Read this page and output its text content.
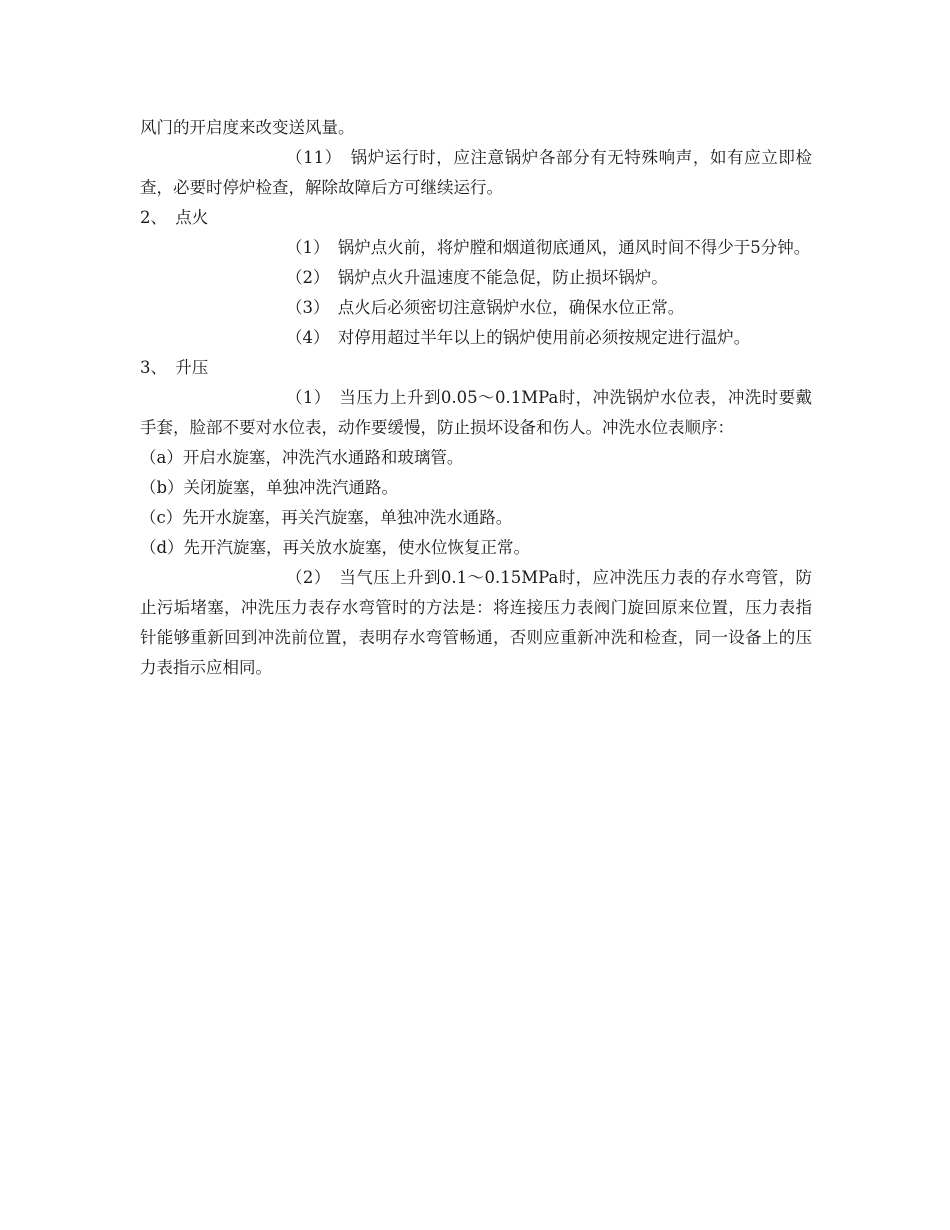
风门的开启度来改变送风量。

（11）　锅炉运行时，应注意锅炉各部分有无特殊响声，如有应立即检查，必要时停炉检查，解除故障后方可继续运行。

2、　点火

（1）　锅炉点火前，将炉膛和烟道彻底通风，通风时间不得少于5分钟。

（2）　锅炉点火升温速度不能急促，防止损坏锅炉。

（3）　点火后必须密切注意锅炉水位，确保水位正常。

（4）　对停用超过半年以上的锅炉使用前必须按规定进行温炉。

3、　升压

（1）　当压力上升到0.05～0.1MPa时，冲洗锅炉水位表，冲洗时要戴手套，脸部不要对水位表，动作要缓慢，防止损坏设备和伤人。冲洗水位表顺序：

（a）开启水旋塞，冲洗汽水通路和玻璃管。

（b）关闭旋塞，单独冲洗汽通路。

（c）先开水旋塞，再关汽旋塞，单独冲洗水通路。

（d）先开汽旋塞，再关放水旋塞，使水位恢复正常。

（2）　当气压上升到0.1～0.15MPa时，应冲洗压力表的存水弯管，防止污垢堵塞，冲洗压力表存水弯管时的方法是：将连接压力表阀门旋回原来位置，压力表指针能够重新回到冲洗前位置，表明存水弯管畅通，否则应重新冲洗和检查，同一设备上的压力表指示应相同。
